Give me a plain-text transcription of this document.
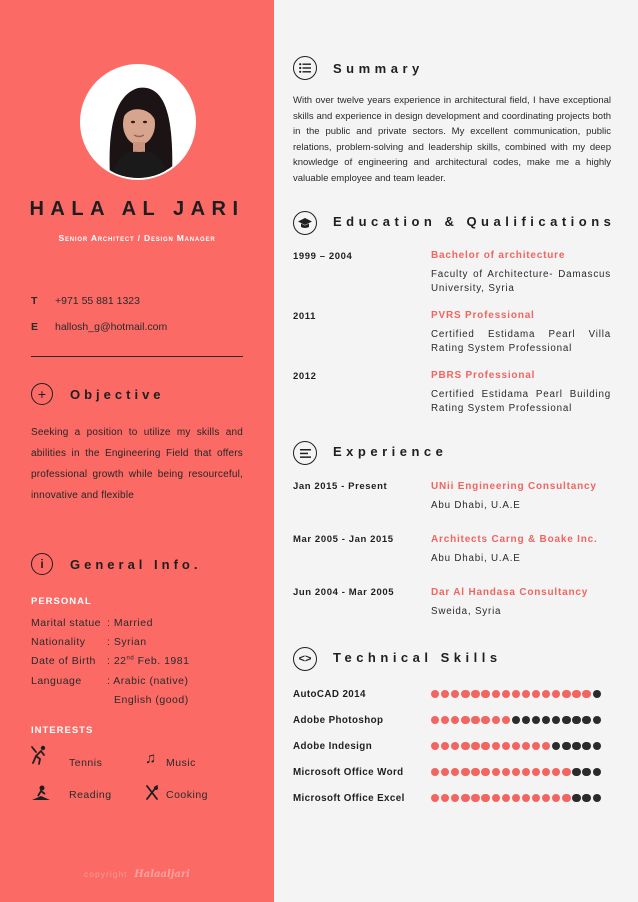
HALA AL JARI
Senior Architect / Design Manager
T +971 55 881 1323
E hallosh_g@hotmail.com
+	Objective
Seeking a position to utilize my skills and abilities in the Engineering Field that offers professional growth while being resourceful, innovative and flexible
i	General Info.
PERSONAL
Marital statue : Married
Nationality : Syrian
Date of Birth : 22nd Feb. 1981
Language : Arabic (native)
English (good)
INTERESTS
Tennis	♫ Music
Reading	Cooking
copyright Halaaljari
Summary
With over twelve years experience in architectural field, I have exceptional skills and experience in design development and coordinating projects both in the public and private sectors. My excellent communication, public relations, problem-solving and leadership skills, combined with my deep knowledge of engineering and architectural codes, make me a highly valuable employee and team leader.
Education & Qualifications
1999 – 2004	Bachelor of architecture
Faculty of Architecture- Damascus University, Syria
2011	PVRS Professional
Certified Estidama Pearl Villa Rating System Professional
2012	PBRS Professional
Certified Estidama Pearl Building Rating System Professional
Experience
Jan 2015 - Present	UNii Engineering Consultancy
Abu Dhabi, U.A.E
Mar 2005 - Jan 2015	Architects Carng & Boake Inc.
Abu Dhabi, U.A.E
Jun 2004 - Mar 2005	Dar Al Handasa Consultancy
Sweida, Syria
<>	Technical Skills
AutoCAD 2014
Adobe Photoshop
Adobe Indesign
Microsoft Office Word
Microsoft Office Excel
